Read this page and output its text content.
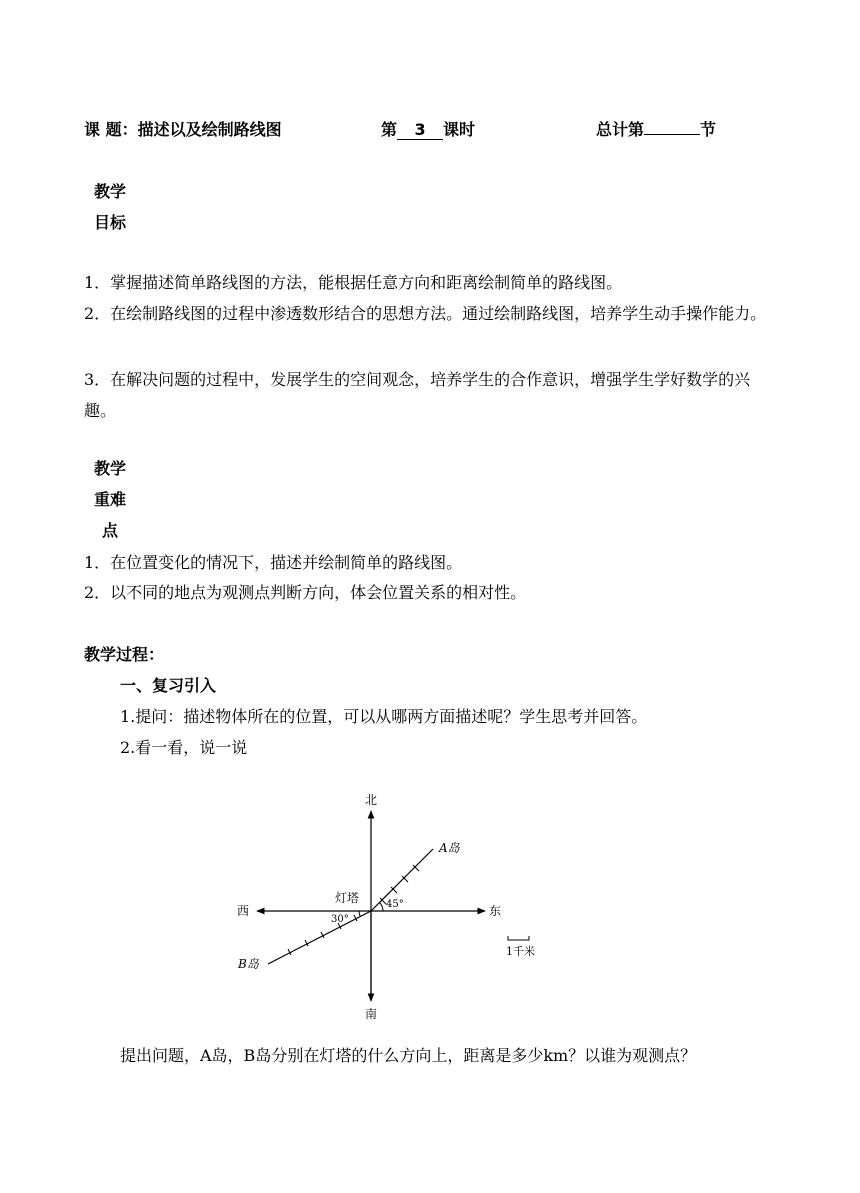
课 题：描述以及绘制路线图	第 3 课时	总计第	节
教学
目标
1．掌握描述简单路线图的方法，能根据任意方向和距离绘制简单的路线图。
2．在绘制路线图的过程中渗透数形结合的思想方法。通过绘制路线图，培养学生动手操作能力。
3．在解决问题的过程中，发展学生的空间观念，培养学生的合作意识，增强学生学好数学的兴趣。
教学
重难
点
1．在位置变化的情况下，描述并绘制简单的路线图。
2．以不同的地点为观测点判断方向，体会位置关系的相对性。
教学过程：
一、复习引入
1.提问：描述物体所在的位置，可以从哪两方面描述呢？学生思考并回答。
2.看一看，说一说
北
南
东
西
灯塔
A岛
B岛
45°
30°
1千米
提出问题，A岛，B岛分别在灯塔的什么方向上，距离是多少km？以谁为观测点？
